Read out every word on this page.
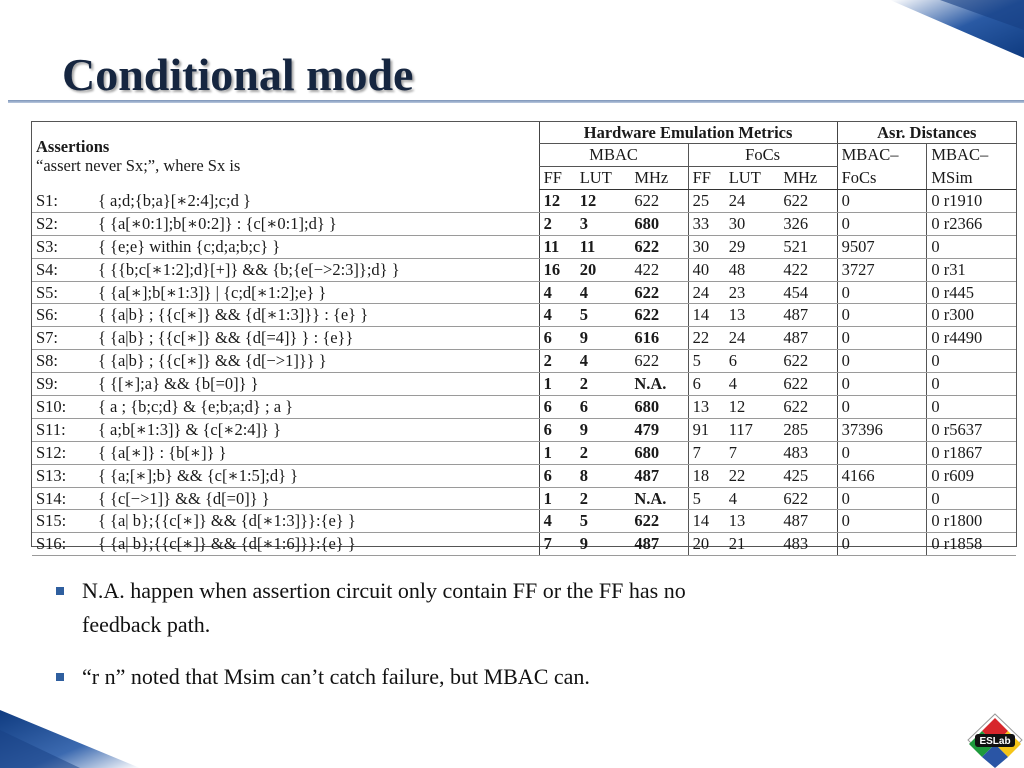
Conditional mode
Assertions
“assert never Sx;”, where Sx is	Hardware Emulation Metrics						Asr. Distances	
	MBAC			FoCs			MBAC–	MBAC–
	FF	LUT	MHz	FF	LUT	MHz	FoCs	MSim
S1: { a;d;{b;a}[∗2:4];c;d }	12	12	622	25	24	622	0	0 r1910
S2: { {a[∗0:1];b[∗0:2]} : {c[∗0:1];d} }	2	3	680	33	30	326	0	0 r2366
S3: { {e;e} within {c;d;a;b;c} }	11	11	622	30	29	521	9507	0
S4: { {{b;c[∗1:2];d}[+]} && {b;{e[−>2:3]};d} }	16	20	422	40	48	422	3727	0 r31
S5: { {a[∗];b[∗1:3]} | {c;d[∗1:2];e} }	4	4	622	24	23	454	0	0 r445
S6: { {a|b} ; {{c[∗]} && {d[∗1:3]}} : {e} }	4	5	622	14	13	487	0	0 r300
S7: { {a|b} ; {{c[∗]} && {d[=4]} } : {e}}	6	9	616	22	24	487	0	0 r4490
S8: { {a|b} ; {{c[∗]} && {d[−>1]}} }	2	4	622	5	6	622	0	0
S9: { {[∗];a} && {b[=0]} }	1	2	N.A.	6	4	622	0	0
S10: { a ; {b;c;d} & {e;b;a;d} ; a }	6	6	680	13	12	622	0	0
S11: { a;b[∗1:3]} & {c[∗2:4]} }	6	9	479	91	117	285	37396	0 r5637
S12: { {a[∗]} : {b[∗]} }	1	2	680	7	7	483	0	0 r1867
S13: { {a;[∗];b} && {c[∗1:5];d} }	6	8	487	18	22	425	4166	0 r609
S14: { {c[−>1]} && {d[=0]} }	1	2	N.A.	5	4	622	0	0
S15: { {a| b};{{c[∗]} && {d[∗1:3]}}:{e} }	4	5	622	14	13	487	0	0 r1800
S16: { {a| b};{{c[∗]} && {d[∗1:6]}}:{e} }	7	9	487	20	21	483	0	0 r1858
N.A. happen when assertion circuit only contain FF or the FF has no
feedback path.
“r n” noted that Msim can’t catch failure, but MBAC can.
ESLab
